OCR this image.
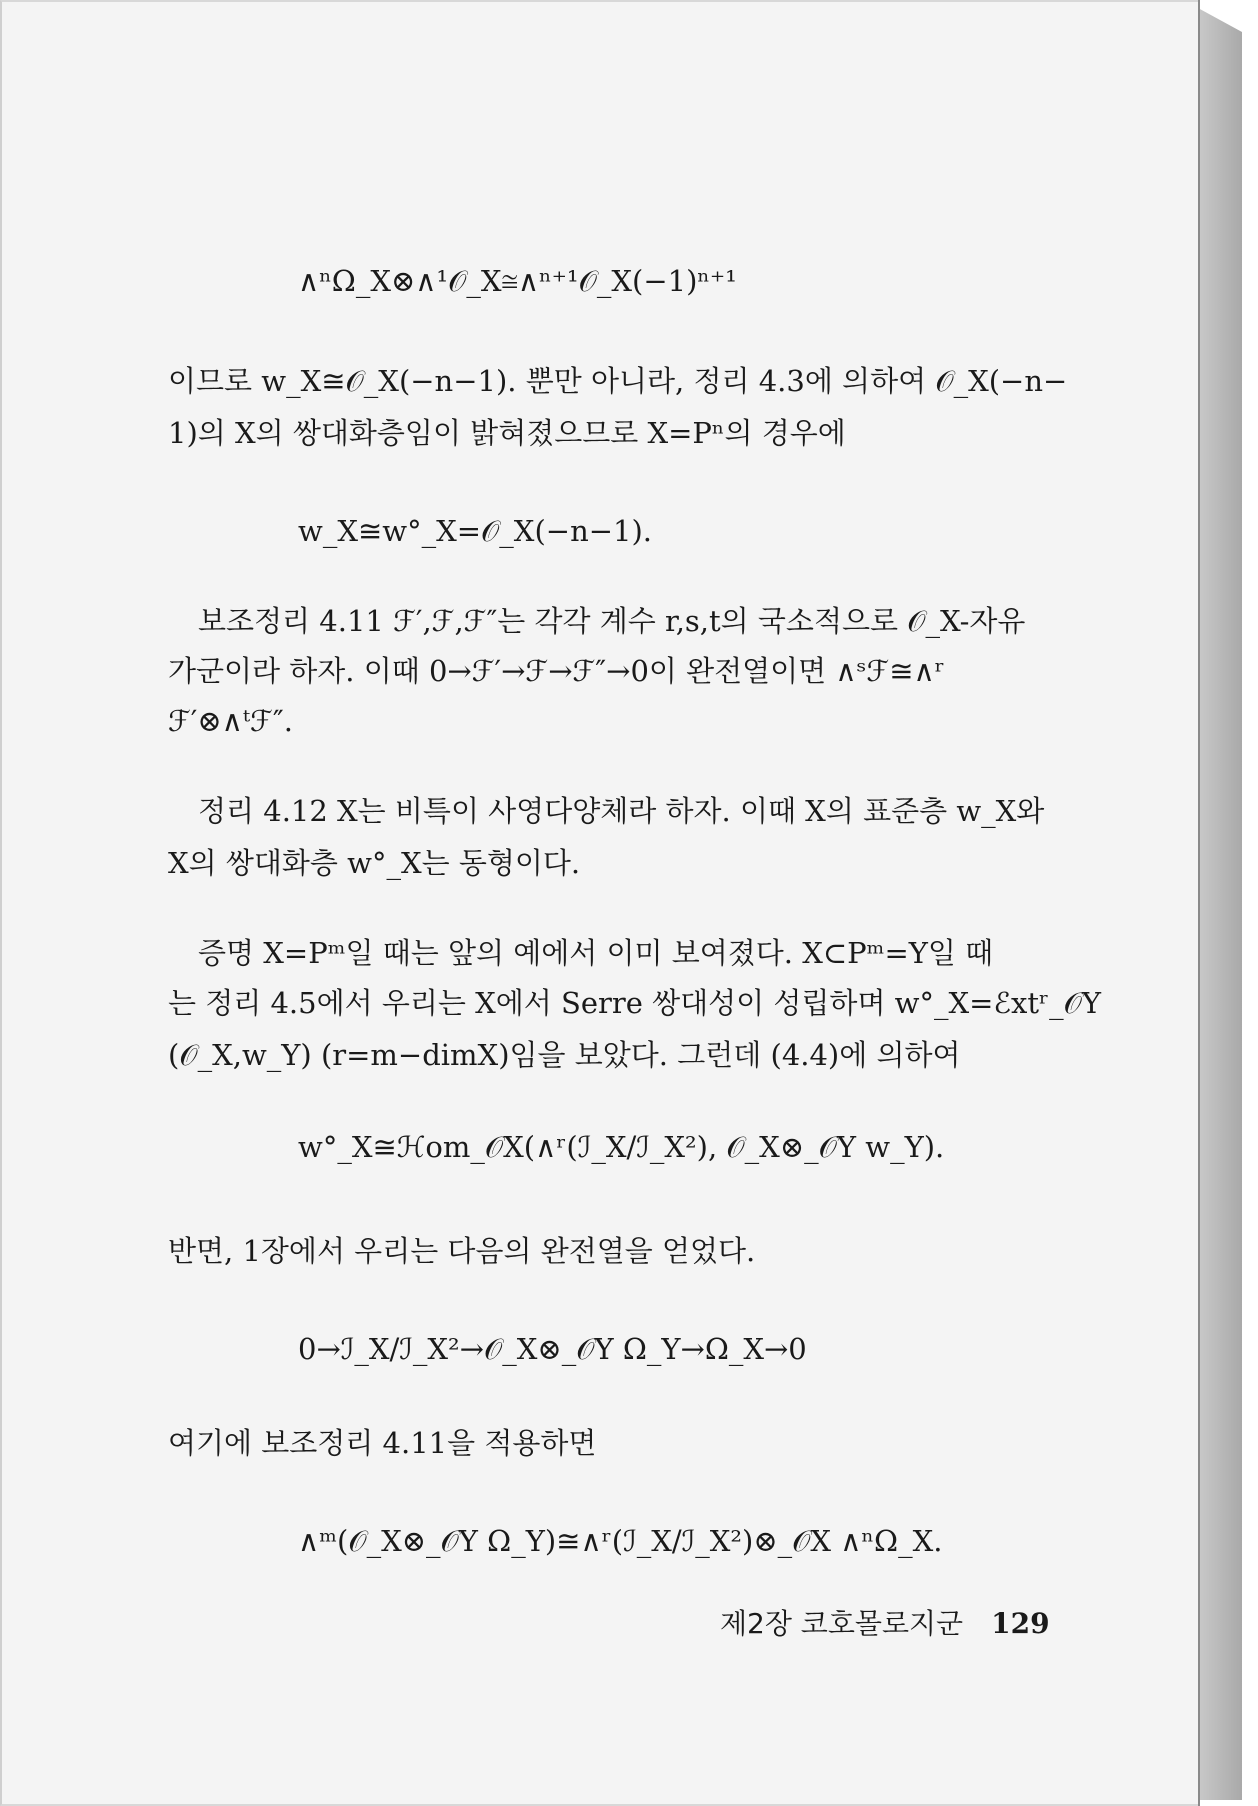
∧ⁿΩ_X⊗∧¹𝒪_X≅∧ⁿ⁺¹𝒪_X(−1)ⁿ⁺¹
이므로 w_X≅𝒪_X(−n−1). 뿐만 아니라, 정리 4.3에 의하여 𝒪_X(−n−
1)의 X의 쌍대화층임이 밝혀졌으므로 X=Pⁿ의 경우에
w_X≅w°_X=𝒪_X(−n−1).
보조정리 4.11 ℱ′,ℱ,ℱ″는 각각 계수 r,s,t의 국소적으로 𝒪_X-자유
가군이라 하자. 이때 0→ℱ′→ℱ→ℱ″→0이 완전열이면 ∧ˢℱ≅∧ʳ
ℱ′⊗∧ᵗℱ″.
정리 4.12 X는 비특이 사영다양체라 하자. 이때 X의 표준층 w_X와
X의 쌍대화층 w°_X는 동형이다.
증명 X=Pᵐ일 때는 앞의 예에서 이미 보여졌다. X⊂Pᵐ=Y일 때
는 정리 4.5에서 우리는 X에서 Serre 쌍대성이 성립하며 w°_X=ℰxtʳ_𝒪Y
(𝒪_X,w_Y) (r=m−dimX)임을 보았다. 그런데 (4.4)에 의하여
w°_X≅ℋom_𝒪X(∧ʳ(ℐ_X/ℐ_X²), 𝒪_X⊗_𝒪Y w_Y).
반면, 1장에서 우리는 다음의 완전열을 얻었다.
0→ℐ_X/ℐ_X²→𝒪_X⊗_𝒪Y Ω_Y→Ω_X→0
여기에 보조정리 4.11을 적용하면
∧ᵐ(𝒪_X⊗_𝒪Y Ω_Y)≅∧ʳ(ℐ_X/ℐ_X²)⊗_𝒪X ∧ⁿΩ_X.
제2장 코호몰로지군 129
